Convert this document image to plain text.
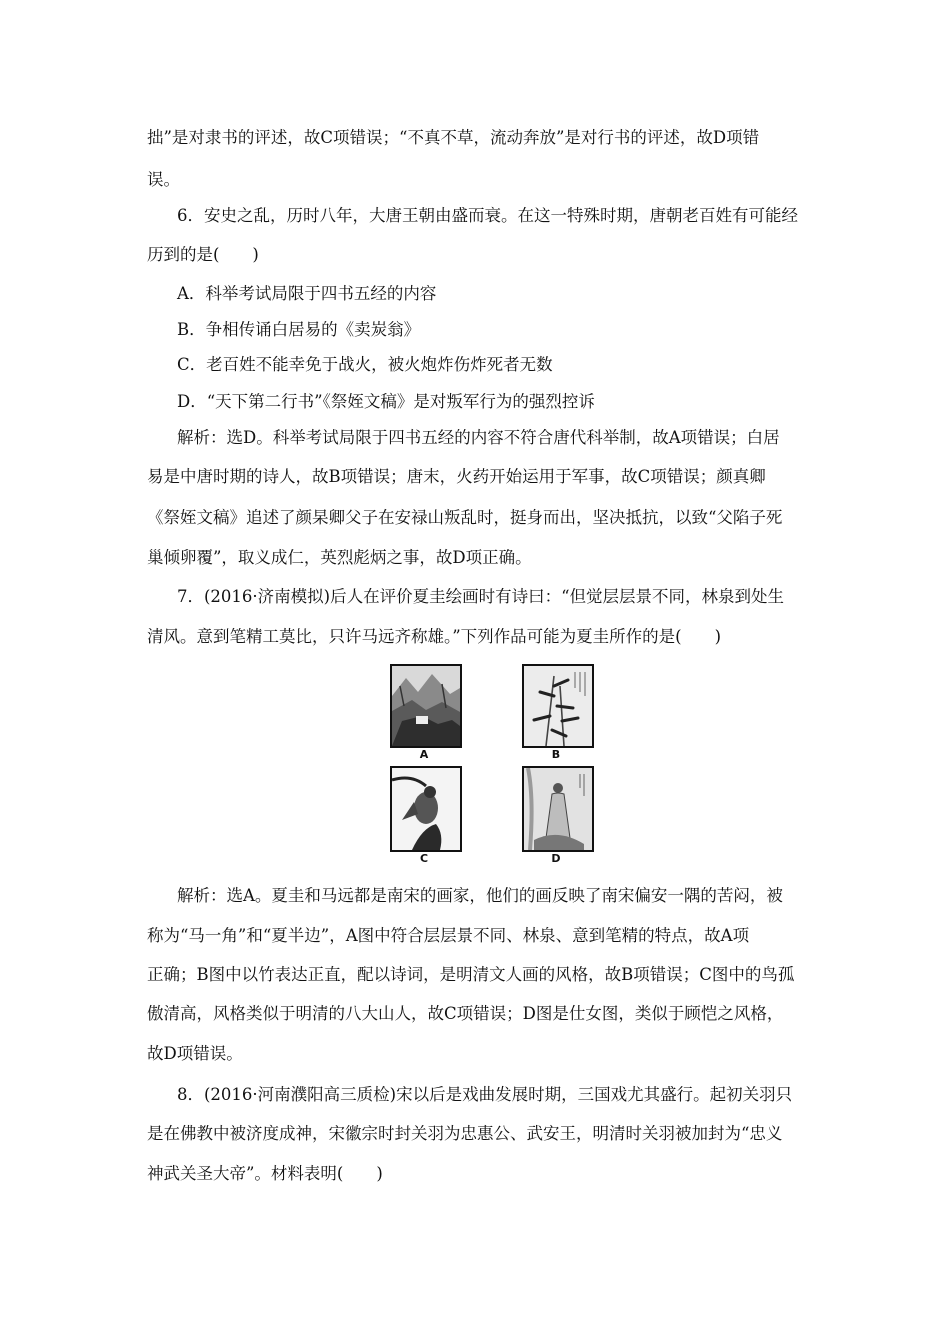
拙”是对隶书的评述，故C项错误；“不真不草，流动奔放”是对行书的评述，故D项错
误。
6．安史之乱，历时八年，大唐王朝由盛而衰。在这一特殊时期，唐朝老百姓有可能经
历到的是(　　)
A．科举考试局限于四书五经的内容
B．争相传诵白居易的《卖炭翁》
C．老百姓不能幸免于战火，被火炮炸伤炸死者无数
D．“天下第二行书”《祭姪文稿》是对叛军行为的强烈控诉
解析：选D。科举考试局限于四书五经的内容不符合唐代科举制，故A项错误；白居
易是中唐时期的诗人，故B项错误；唐末，火药开始运用于军事，故C项错误；颜真卿
《祭姪文稿》追述了颜杲卿父子在安禄山叛乱时，挺身而出，坚决抵抗，以致“父陷子死
巢倾卵覆”，取义成仁，英烈彪炳之事，故D项正确。
7．(2016·济南模拟)后人在评价夏圭绘画时有诗曰：“但觉层层景不同，林泉到处生
清风。意到笔精工莫比，只许马远齐称雄。”下列作品可能为夏圭所作的是(　　)
A	B
C	D
解析：选A。夏圭和马远都是南宋的画家，他们的画反映了南宋偏安一隅的苦闷，被
称为“马一角”和“夏半边”，A图中符合层层景不同、林泉、意到笔精的特点，故A项
正确；B图中以竹表达正直，配以诗词，是明清文人画的风格，故B项错误；C图中的鸟孤
傲清高，风格类似于明清的八大山人，故C项错误；D图是仕女图，类似于顾恺之风格，
故D项错误。
8．(2016·河南濮阳高三质检)宋以后是戏曲发展时期，三国戏尤其盛行。起初关羽只
是在佛教中被济度成神，宋徽宗时封关羽为忠惠公、武安王，明清时关羽被加封为“忠义
神武关圣大帝”。材料表明(　　)
